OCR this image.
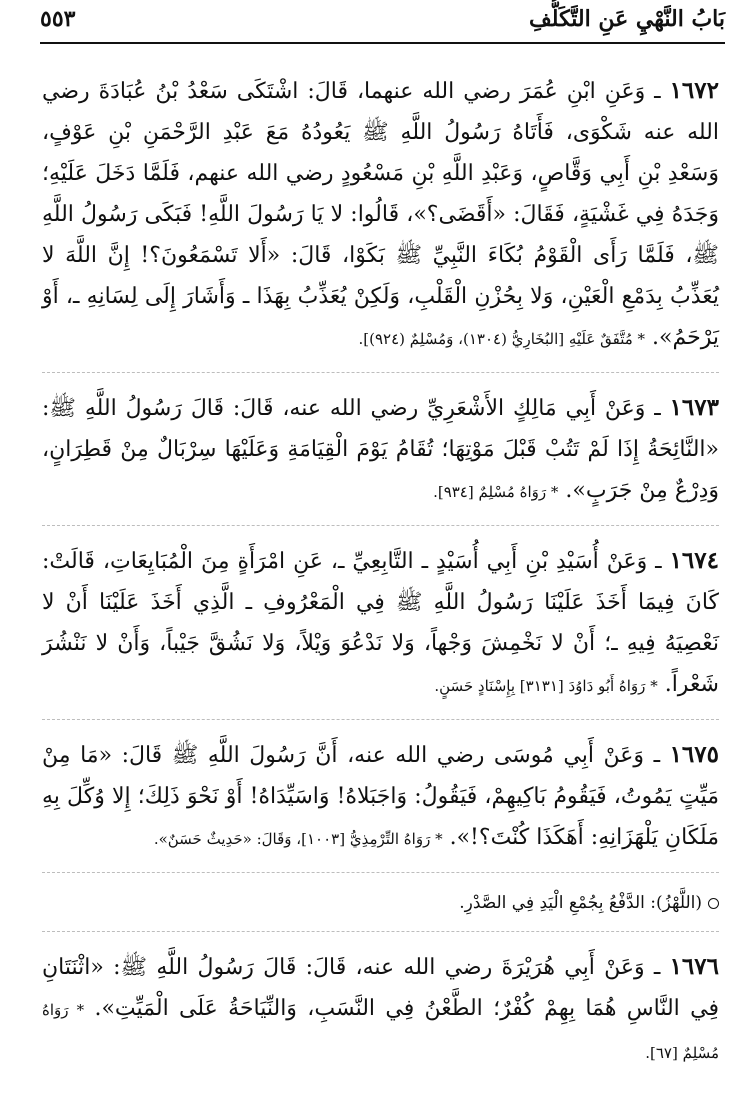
بَابُ النَّهْيِ عَنِ التَّكَلُّفِ
٥٥٣

١٦٧٢ ـ وَعَنِ ابْنِ عُمَرَ رضي الله عنهما، قَالَ: اشْتَكَى سَعْدُ بْنُ عُبَادَةَ رضي الله عنه شَكْوَى، فَأَتَاهُ رَسُولُ اللَّهِ ﷺ يَعُودُهُ مَعَ عَبْدِ الرَّحْمَنِ بْنِ عَوْفٍ، وَسَعْدِ بْنِ أَبِي وَقَّاصٍ، وَعَبْدِ اللَّهِ بْنِ مَسْعُودٍ رضي الله عنهم، فَلَمَّا دَخَلَ عَلَيْهِ؛ وَجَدَهُ فِي غَشْيَةٍ، فَقَالَ: «أَقَضَى؟»، قَالُوا: لا يَا رَسُولَ اللَّهِ! فَبَكَى رَسُولُ اللَّهِ ﷺ، فَلَمَّا رَأَى الْقَوْمُ بُكَاءَ النَّبِيِّ ﷺ بَكَوْا، قَالَ: «أَلا تَسْمَعُونَ؟! إِنَّ اللَّهَ لا يُعَذِّبُ بِدَمْعِ الْعَيْنِ، وَلا بِحُزْنِ الْقَلْبِ، وَلَكِنْ يُعَذِّبُ بِهَذَا ـ وَأَشَارَ إِلَى لِسَانِهِ ـ، أَوْ يَرْحَمُ». * مُتَّفَقٌ عَلَيْهِ [البُخَارِيُّ (١٣٠٤)، وَمُسْلِمٌ (٩٢٤)].

١٦٧٣ ـ وَعَنْ أَبِي مَالِكٍ الأَشْعَرِيِّ رضي الله عنه، قَالَ: قَالَ رَسُولُ اللَّهِ ﷺ: «النَّائِحَةُ إِذَا لَمْ تَتُبْ قَبْلَ مَوْتِهَا؛ تُقَامُ يَوْمَ الْقِيَامَةِ وَعَلَيْهَا سِرْبَالٌ مِنْ قَطِرَانٍ، وَدِرْعٌ مِنْ جَرَبٍ». * رَوَاهُ مُسْلِمٌ [٩٣٤].

١٦٧٤ ـ وَعَنْ أُسَيْدِ بْنِ أَبِي أُسَيْدٍ ـ التَّابِعِيِّ ـ، عَنِ امْرَأَةٍ مِنَ الْمُبَايِعَاتِ، قَالَتْ: كَانَ فِيمَا أَخَذَ عَلَيْنَا رَسُولُ اللَّهِ ﷺ فِي الْمَعْرُوفِ ـ الَّذِي أَخَذَ عَلَيْنَا أَنْ لا نَعْصِيَهُ فِيهِ ـ؛ أَنْ لا نَخْمِشَ وَجْهاً، وَلا نَدْعُوَ وَيْلاً، وَلا نَشُقَّ جَيْباً، وَأَنْ لا نَنْشُرَ شَعْراً. * رَوَاهُ أَبُو دَاوُدَ [٣١٣١] بِإِسْنَادٍ حَسَنٍ.

١٦٧٥ ـ وَعَنْ أَبِي مُوسَى رضي الله عنه، أَنَّ رَسُولَ اللَّهِ ﷺ قَالَ: «مَا مِنْ مَيِّتٍ يَمُوتُ، فَيَقُومُ بَاكِيهِمْ، فَيَقُولُ: وَاجَبَلاهُ! وَاسَيِّدَاهُ! أَوْ نَحْوَ ذَلِكَ؛ إِلا وُكِّلَ بِهِ مَلَكَانِ يَلْهَزَانِهِ: أَهَكَذَا كُنْتَ؟!». * رَوَاهُ التِّرْمِذِيُّ [١٠٠٣]، وَقَالَ: «حَدِيثٌ حَسَنٌ».

(اللَّهْزُ): الدَّفْعُ بِجُمْعِ الْيَدِ فِي الصَّدْرِ.

١٦٧٦ ـ وَعَنْ أَبِي هُرَيْرَةَ رضي الله عنه، قَالَ: قَالَ رَسُولُ اللَّهِ ﷺ: «اثْنَتَانِ فِي النَّاسِ هُمَا بِهِمْ كُفْرٌ؛ الطَّعْنُ فِي النَّسَبِ، وَالنِّيَاحَةُ عَلَى الْمَيِّتِ». * رَوَاهُ مُسْلِمٌ [٦٧].
